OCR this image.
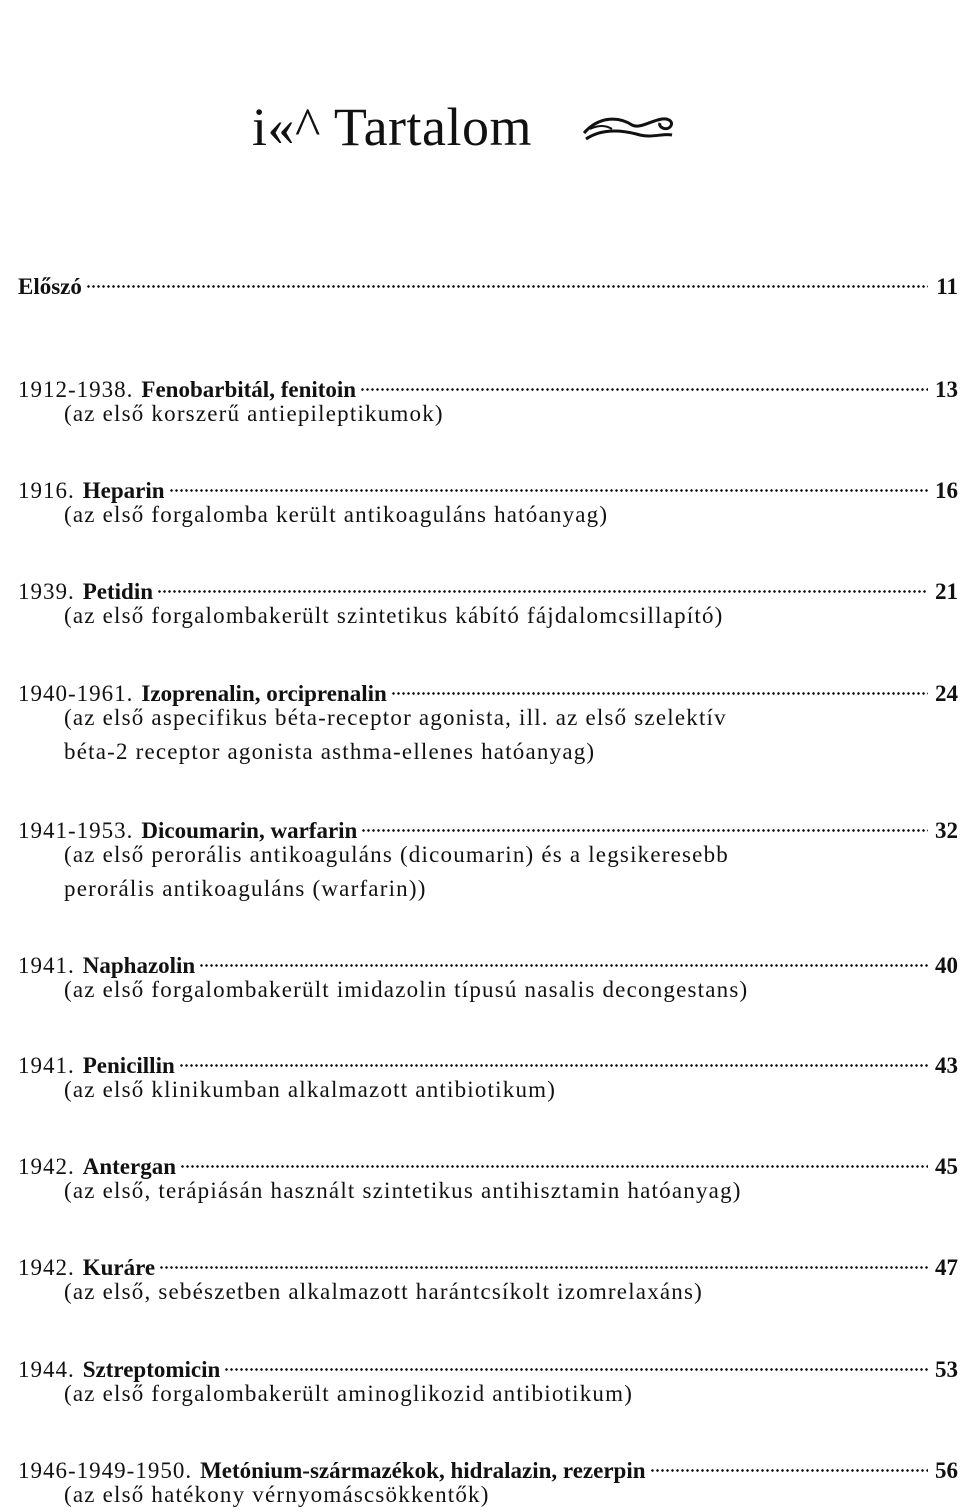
i«^ Tartalom
Előszó	11
1912-1938. Fenobarbitál, fenitoin	13
(az első korszerű antiepileptikumok)
1916. Heparin	16
(az első forgalomba került antikoaguláns hatóanyag)
1939. Petidin	21
(az első forgalombakerült szintetikus kábító fájdalomcsillapító)
1940-1961. Izoprenalin, orciprenalin	24
(az első aspecifikus béta-receptor agonista, ill. az első szelektív
béta-2 receptor agonista asthma-ellenes hatóanyag)
1941-1953. Dicoumarin, warfarin	32
(az első perorális antikoaguláns (dicoumarin) és a legsikeresebb
perorális antikoaguláns (warfarin))
1941. Naphazolin	40
(az első forgalombakerült imidazolin típusú nasalis decongestans)
1941. Penicillin	43
(az első klinikumban alkalmazott antibiotikum)
1942. Antergan	45
(az első, terápiásán használt szintetikus antihisztamin hatóanyag)
1942. Kuráre	47
(az első, sebészetben alkalmazott harántcsíkolt izomrelaxáns)
1944. Sztreptomicin	53
(az első forgalombakerült aminoglikozid antibiotikum)
1946-1949-1950. Metónium-származékok, hidralazin, rezerpin	56
(az első hatékony vérnyomáscsökkentők)
